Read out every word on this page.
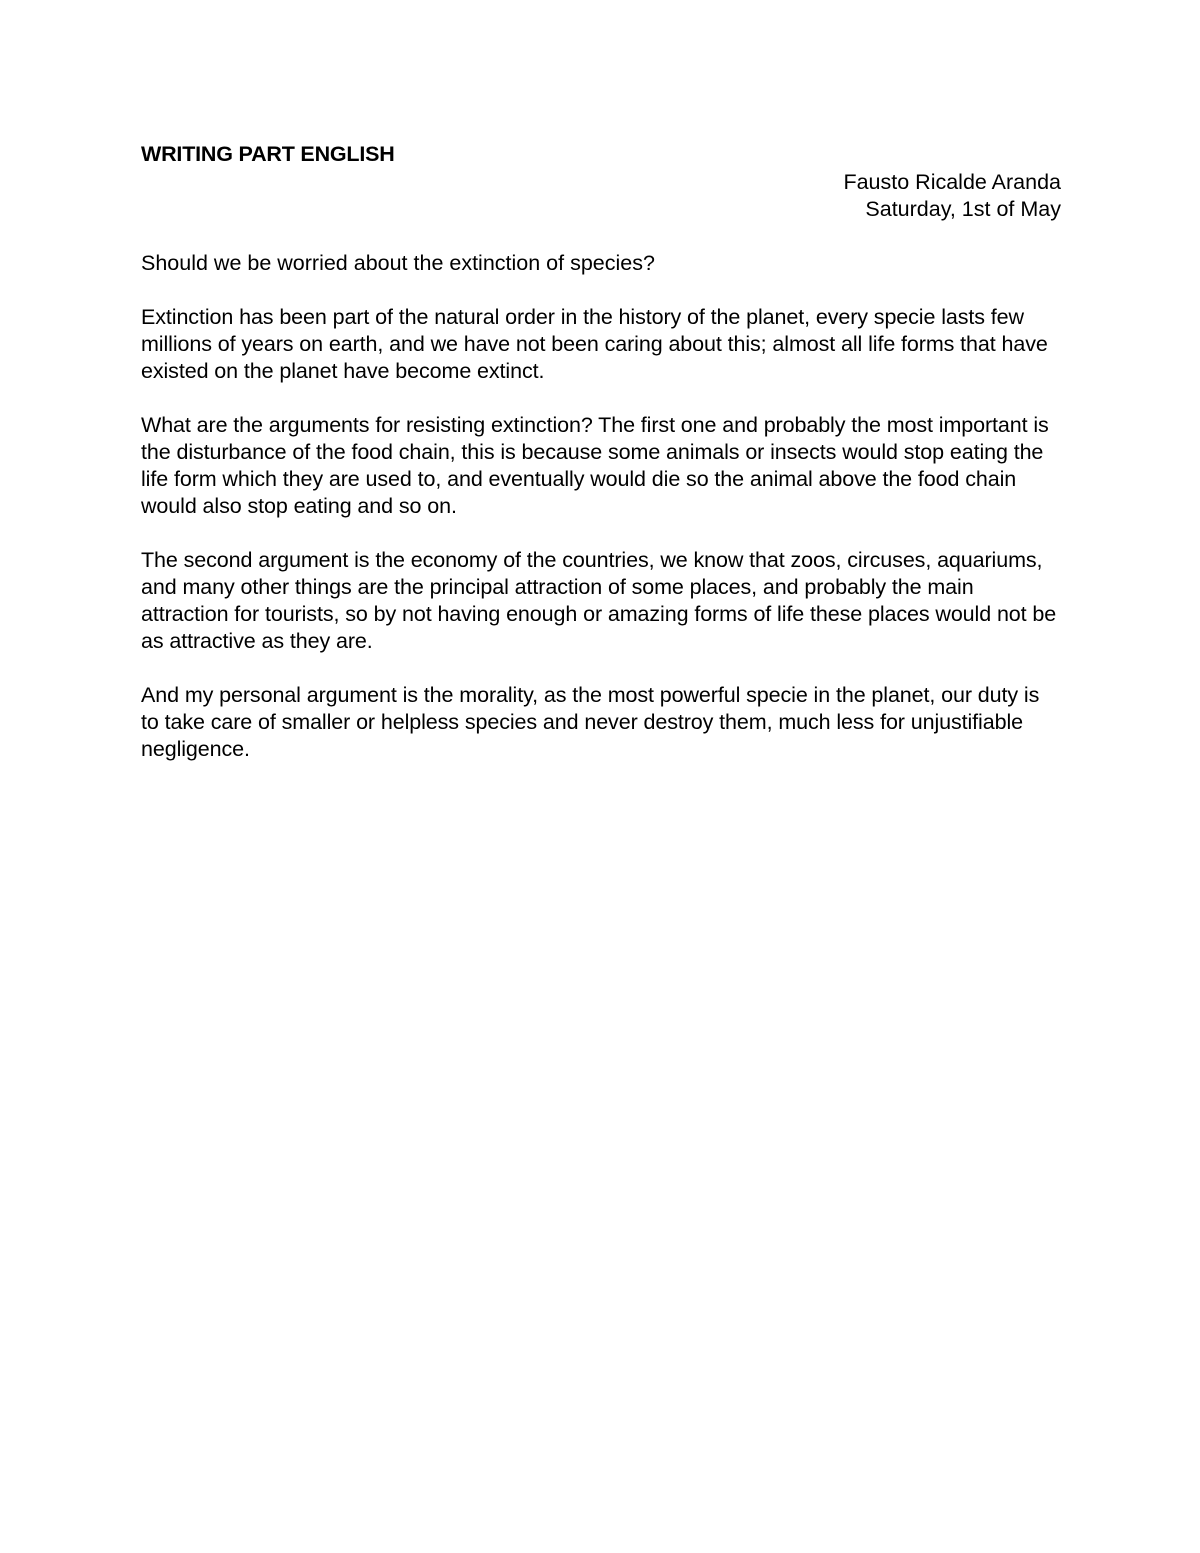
WRITING PART ENGLISH
Fausto Ricalde Aranda
Saturday, 1st of May

Should we be worried about the extinction of species?

Extinction has been part of the natural order in the history of the planet, every specie lasts few millions of years on earth, and we have not been caring about this; almost all life forms that have existed on the planet have become extinct.

What are the arguments for resisting extinction? The first one and probably the most important is the disturbance of the food chain, this is because some animals or insects would stop eating the life form which they are used to, and eventually would die so the animal above the food chain would also stop eating and so on.

The second argument is the economy of the countries, we know that zoos, circuses, aquariums, and many other things are the principal attraction of some places, and probably the main attraction for tourists, so by not having enough or amazing forms of life these places would not be as attractive as they are.

And my personal argument is the morality, as the most powerful specie in the planet, our duty is to take care of smaller or helpless species and never destroy them, much less for unjustifiable negligence.
